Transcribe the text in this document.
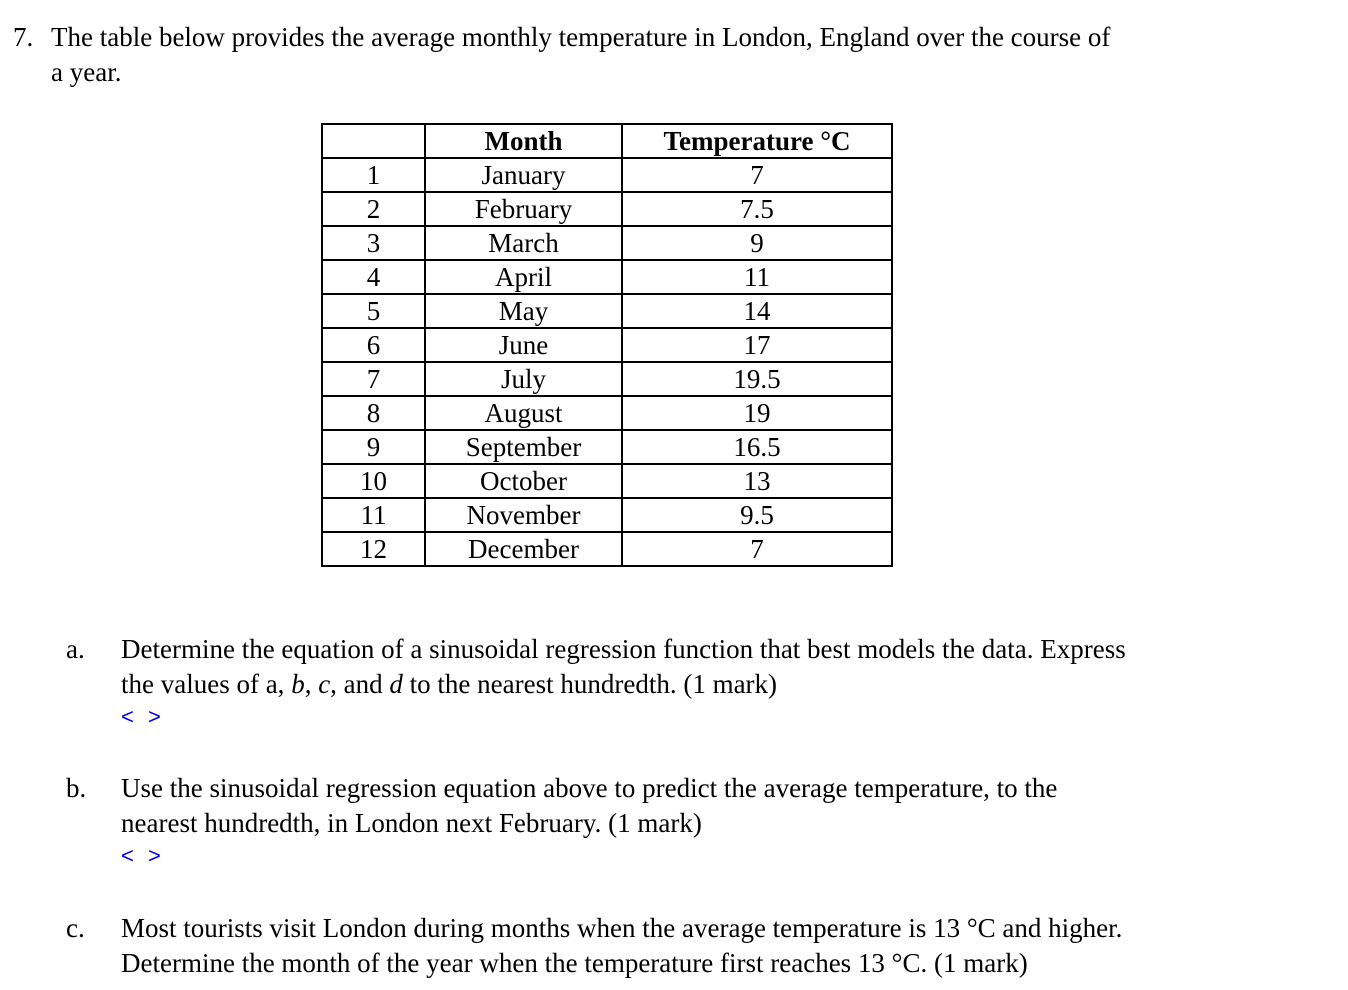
7. The table below provides the average monthly temperature in London, England over the course of
a year.
	Month	Temperature °C
1	January	7
2	February	7.5
3	March	9
4	April	11
5	May	14
6	June	17
7	July	19.5
8	August	19
9	September	16.5
10	October	13
11	November	9.5
12	December	7
a. Determine the equation of a sinusoidal regression function that best models the data. Express
the values of a, b, c, and d to the nearest hundredth. (1 mark)
< >
b. Use the sinusoidal regression equation above to predict the average temperature, to the
nearest hundredth, in London next February. (1 mark)
< >
c. Most tourists visit London during months when the average temperature is 13 °C and higher.
Determine the month of the year when the temperature first reaches 13 °C. (1 mark)
